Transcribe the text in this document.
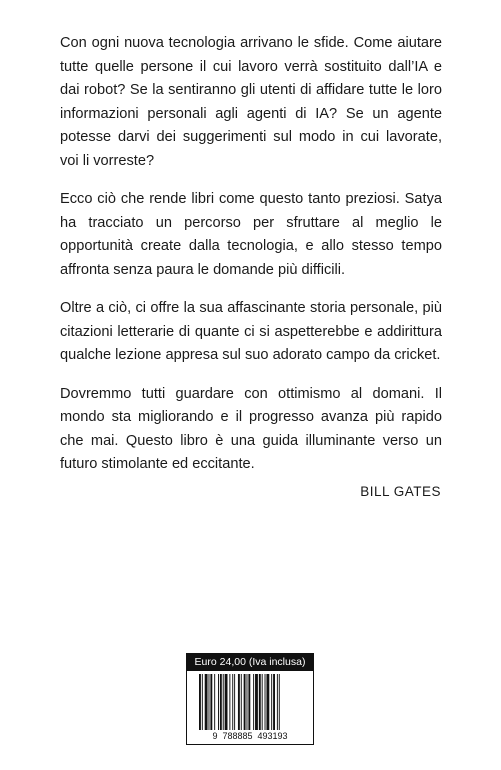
Con ogni nuova tecnologia arrivano le sfide. Come aiutare tutte quelle persone il cui lavoro verrà sostituito dall’IA e dai robot? Se la sentiranno gli utenti di affidare tutte le loro informazioni personali agli agenti di IA? Se un agente potesse darvi dei suggerimenti sul modo in cui lavorate, voi li vorreste?

Ecco ciò che rende libri come questo tanto preziosi. Satya ha tracciato un percorso per sfruttare al meglio le opportunità create dalla tecnologia, e allo stesso tempo affronta senza paura le domande più difficili.

Oltre a ciò, ci offre la sua affascinante storia personale, più citazioni letterarie di quante ci si aspetterebbe e addirittura qualche lezione appresa sul suo adorato campo da cricket.

Dovremmo tutti guardare con ottimismo al domani. Il mondo sta migliorando e il progresso avanza più rapido che mai. Questo libro è una guida illuminante verso un futuro stimolante ed eccitante.

BILL GATES
Euro 24,00 (Iva inclusa)
9 788885 493193
